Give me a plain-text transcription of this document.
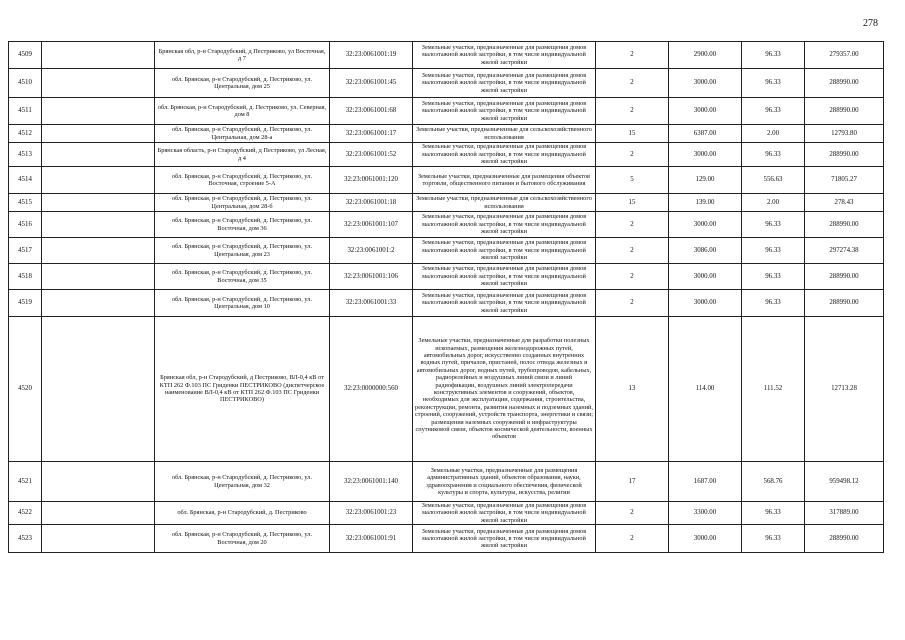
278
4509		Брянская обл, р-н Стародубский, д Пестриково, ул Восточная, д 7	32:23:0061001:19	Земельные участки, предназначенные для размещения домов малоэтажной жилой застройки, в том числе индивидуальной жилой застройки	2	2900.00	96.33	279357.00
4510		обл. Брянская, р-н Стародубский, д. Пестриково, ул. Центральная, дом 25	32:23:0061001:45	Земельные участки, предназначенные для размещения домов малоэтажной жилой застройки, в том числе индивидуальной жилой застройки	2	3000.00	96.33	288990.00
4511		обл. Брянская, р-н Стародубский, д. Пестриково, ул. Северная, дом 8	32:23:0061001:68	Земельные участки, предназначенные для размещения домов малоэтажной жилой застройки, в том числе индивидуальной жилой застройки	2	3000.00	96.33	288990.00
4512		обл. Брянская, р-н Стародубский, д. Пестриково, ул. Центральная, дом 28-а	32:23:0061001:17	Земельные участки, предназначенные для сельскохозяйственного использования	15	6387.00	2.00	12793.80
4513		Брянская область, р-н Стародубский, д Пестриково, ул Лесная, д 4	32:23:0061001:52	Земельные участки, предназначенные для размещения домов малоэтажной жилой застройки, в том числе индивидуальной жилой застройки	2	3000.00	96.33	288990.00
4514		обл. Брянская, р-н Стародубский, д. Пестриково, ул. Восточная, строение 5-А	32:23:0061001:120	Земельные участки, предназначенные для размещения объектов торговли, общественного питания и бытового обслуживания	5	129.00	556.63	71805.27
4515		обл. Брянская, р-н Стародубский, д. Пестриково, ул. Центральная, дом 28-б	32:23:0061001:18	Земельные участки, предназначенные для сельскохозяйственного использования	15	139.00	2.00	278.43
4516		обл. Брянская, р-н Стародубский, д. Пестриково, ул. Восточная, дом 36	32:23:0061001:107	Земельные участки, предназначенные для размещения домов малоэтажной жилой застройки, в том числе индивидуальной жилой застройки	2	3000.00	96.33	288990.00
4517		обл. Брянская, р-н Стародубский, д. Пестриково, ул. Центральная, дом 23	32:23:0061001:2	Земельные участки, предназначенные для размещения домов малоэтажной жилой застройки, в том числе индивидуальной жилой застройки	2	3086.00	96.33	297274.38
4518		обл. Брянская, р-н Стародубский, д. Пестриково, ул. Восточная, дом 35	32:23:0061001:106	Земельные участки, предназначенные для размещения домов малоэтажной жилой застройки, в том числе индивидуальной жилой застройки	2	3000.00	96.33	288990.00
4519		обл. Брянская, р-н Стародубский, д. Пестриково, ул. Центральная, дом 10	32:23:0061001:33	Земельные участки, предназначенные для размещения домов малоэтажной жилой застройки, в том числе индивидуальной жилой застройки	2	3000.00	96.33	288990.00
4520		Брянская обл, р-н Стародубский, д Пестриково, ВЛ-0,4 кВ от КТП 262 Ф.103 ПС Гриденки ПЕСТРИКОВО (диспетчерское наименование ВЛ-0,4 кВ от КТП 262 Ф.103 ПС Гриденки ПЕСТРИКОВО)	32:23:0000000:560	Земельные участки, предназначенные для разработки полезных ископаемых, размещения железнодорожных путей, автомобильных дорог, искусственно созданных внутренних водных путей, причалов, пристаней, полос отвода железных и автомобильных дорог, водных путей, трубопроводов, кабельных, радиорелейных и воздушных линий связи и линий радиофикации, воздушных линий электропередачи конструктивных элементов и сооружений, объектов, необходимых для эксплуатации, содержания, строительства, реконструкции, ремонта, развития наземных и подземных зданий, строений, сооружений, устройств транспорта, энергетики и связи; размещения наземных сооружений и инфраструктуры спутниковой связи, объектов космической деятельности, военных объектов	13	114.00	111.52	12713.28
4521		обл. Брянская, р-н Стародубский, д. Пестриково, ул. Центральная, дом 32	32:23:0061001:140	Земельные участки, предназначенные для размещения административных зданий, объектов образования, науки, здравоохранения и социального обеспечения, физической культуры и спорта, культуры, искусства, религии	17	1687.00	568.76	959498.12
4522		обл. Брянская, р-н Стародубский, д. Пестриково	32:23:0061001:23	Земельные участки, предназначенные для размещения домов малоэтажной жилой застройки, в том числе индивидуальной жилой застройки	2	3300.00	96.33	317889.00
4523		обл. Брянская, р-н Стародубский, д. Пестриково, ул. Восточная, дом 20	32:23:0061001:91	Земельные участки, предназначенные для размещения домов малоэтажной жилой застройки, в том числе индивидуальной жилой застройки	2	3000.00	96.33	288990.00
